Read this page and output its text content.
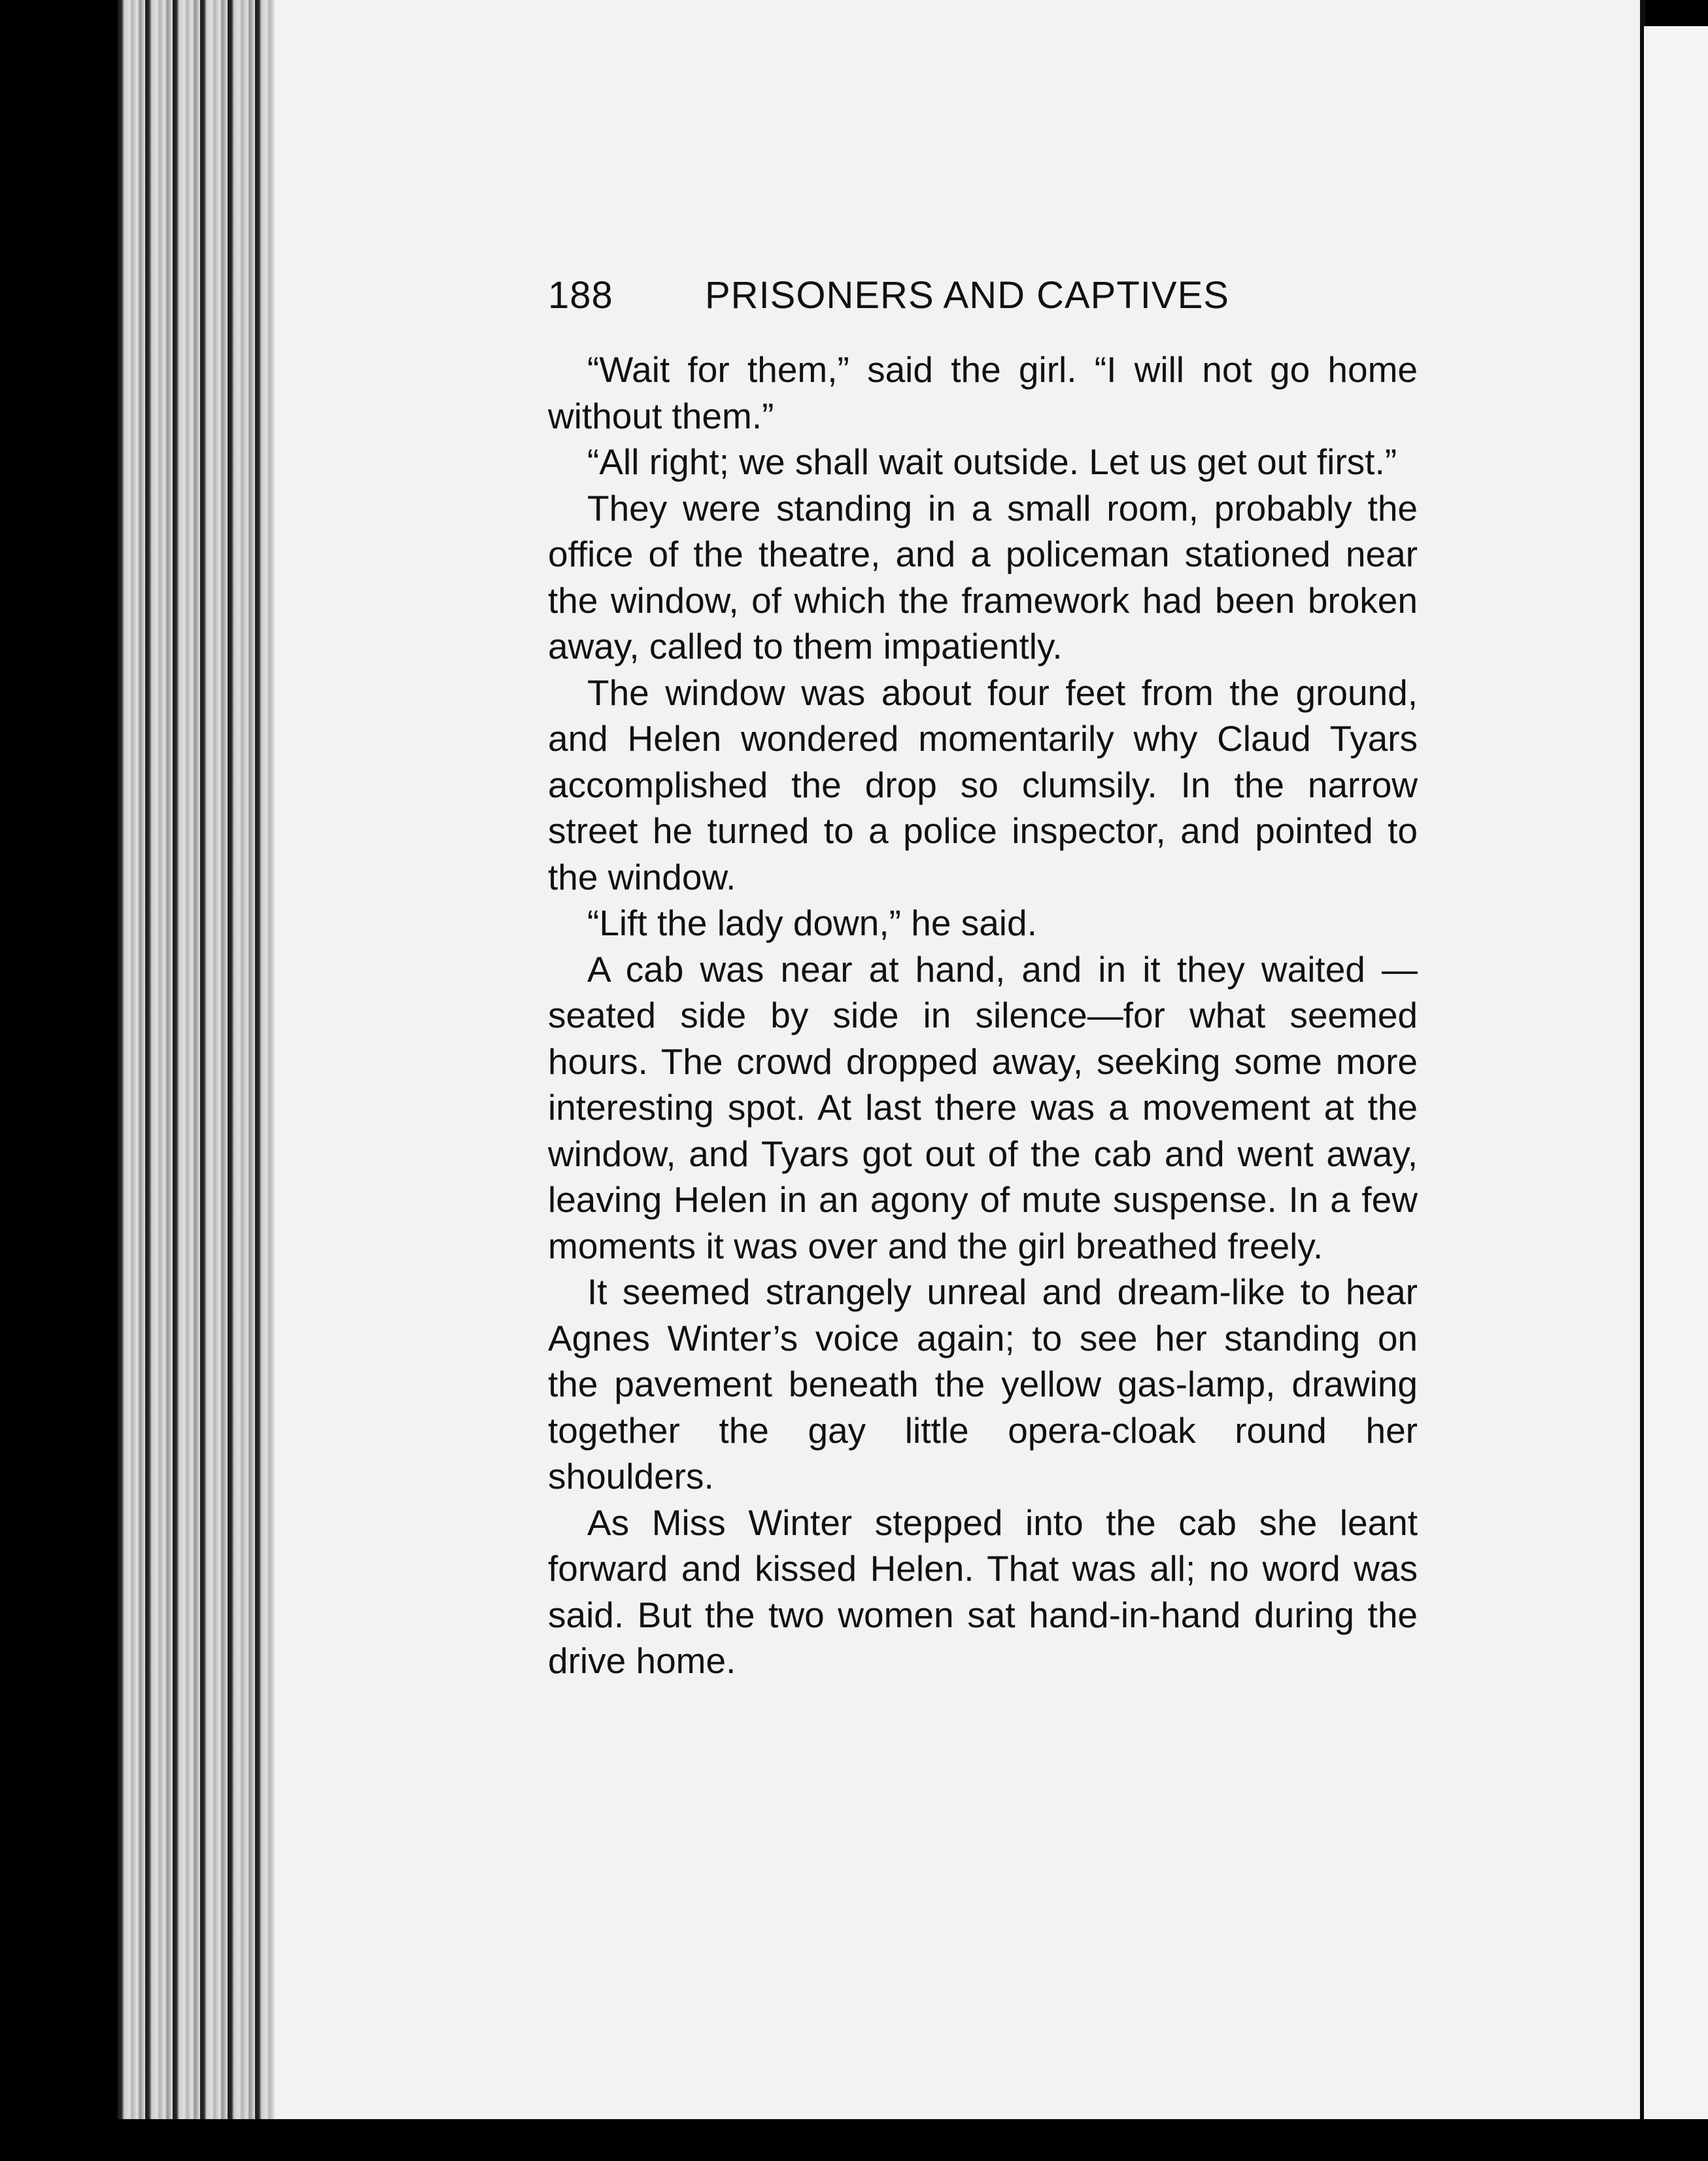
188 PRISONERS AND CAPTIVES

“Wait for them,” said the girl. “I will not go home without them.”

“All right; we shall wait outside. Let us get out first.”

They were standing in a small room, probably the office of the theatre, and a policeman stationed near the window, of which the framework had been broken away, called to them impatiently.

The window was about four feet from the ground, and Helen wondered momentarily why Claud Tyars accomplished the drop so clumsily. In the narrow street he turned to a police inspector, and pointed to the window.

“Lift the lady down,” he said.

A cab was near at hand, and in it they waited —seated side by side in silence—for what seemed hours. The crowd dropped away, seeking some more interesting spot. At last there was a movement at the window, and Tyars got out of the cab and went away, leaving Helen in an agony of mute suspense. In a few moments it was over and the girl breathed freely.

It seemed strangely unreal and dream-like to hear Agnes Winter’s voice again; to see her standing on the pavement beneath the yellow gas-lamp, drawing together the gay little opera-cloak round her shoulders.

As Miss Winter stepped into the cab she leant forward and kissed Helen. That was all; no word was said. But the two women sat hand-in-hand during the drive home.
